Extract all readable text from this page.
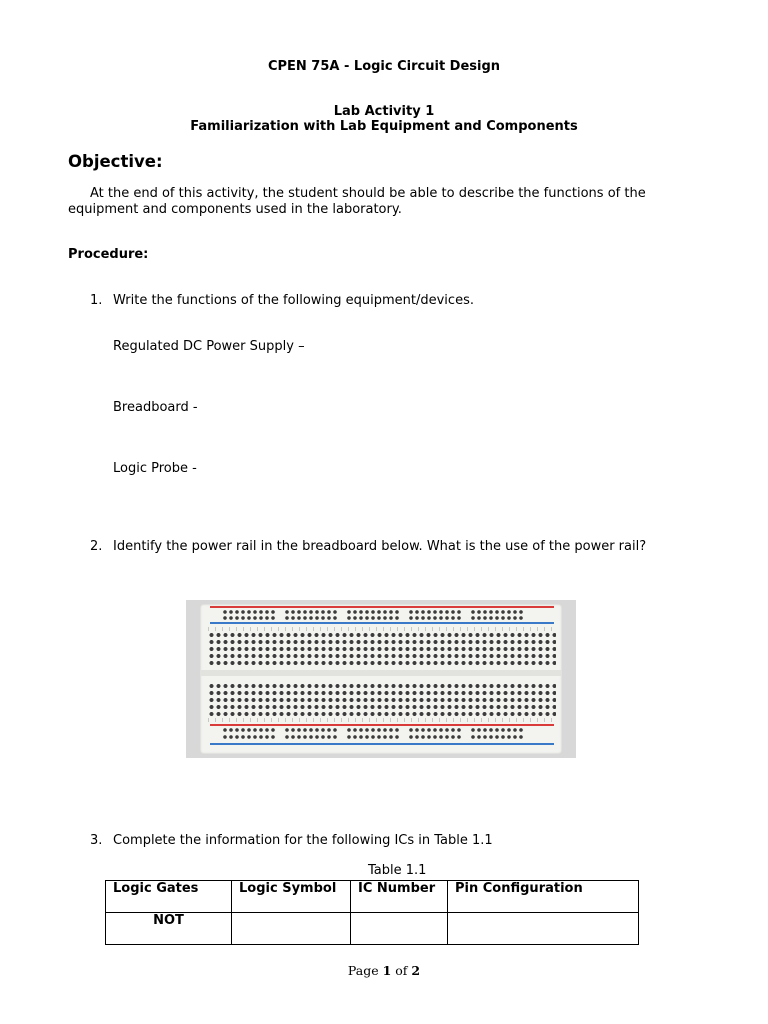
CPEN 75A - Logic Circuit Design
Lab Activity 1
Familiarization with Lab Equipment and Components
Objective:
At the end of this activity, the student should be able to describe the functions of the equipment and components used in the laboratory.
Procedure:
1. Write the functions of the following equipment/devices.
Regulated DC Power Supply –
Breadboard -
Logic Probe -
2. Identify the power rail in the breadboard below. What is the use of the power rail?
3. Complete the information for the following ICs in Table 1.1
Table 1.1
Logic Gates	Logic Symbol	IC Number	Pin Configuration
NOT			
Page 1 of 2
